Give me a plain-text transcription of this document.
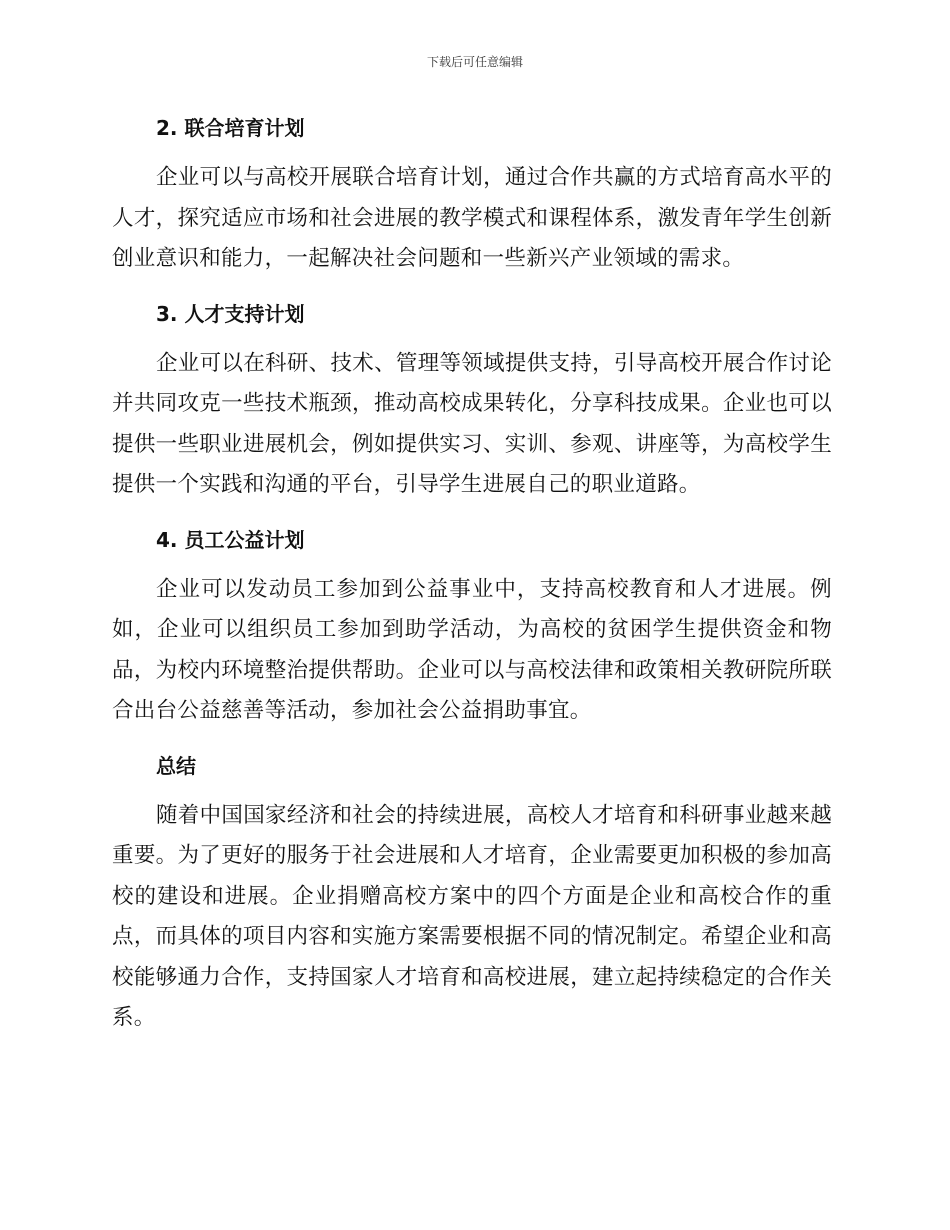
下载后可任意编辑
2. 联合培育计划

企业可以与高校开展联合培育计划，通过合作共赢的方式培育高水平的人才，探究适应市场和社会进展的教学模式和课程体系，激发青年学生创新创业意识和能力，一起解决社会问题和一些新兴产业领域的需求。

3. 人才支持计划

企业可以在科研、技术、管理等领域提供支持，引导高校开展合作讨论并共同攻克一些技术瓶颈，推动高校成果转化，分享科技成果。企业也可以提供一些职业进展机会，例如提供实习、实训、参观、讲座等，为高校学生提供一个实践和沟通的平台，引导学生进展自己的职业道路。

4. 员工公益计划

企业可以发动员工参加到公益事业中，支持高校教育和人才进展。例如，企业可以组织员工参加到助学活动，为高校的贫困学生提供资金和物品，为校内环境整治提供帮助。企业可以与高校法律和政策相关教研院所联合出台公益慈善等活动，参加社会公益捐助事宜。

总结

随着中国国家经济和社会的持续进展，高校人才培育和科研事业越来越重要。为了更好的服务于社会进展和人才培育，企业需要更加积极的参加高校的建设和进展。企业捐赠高校方案中的四个方面是企业和高校合作的重点，而具体的项目内容和实施方案需要根据不同的情况制定。希望企业和高校能够通力合作，支持国家人才培育和高校进展，建立起持续稳定的合作关系。
